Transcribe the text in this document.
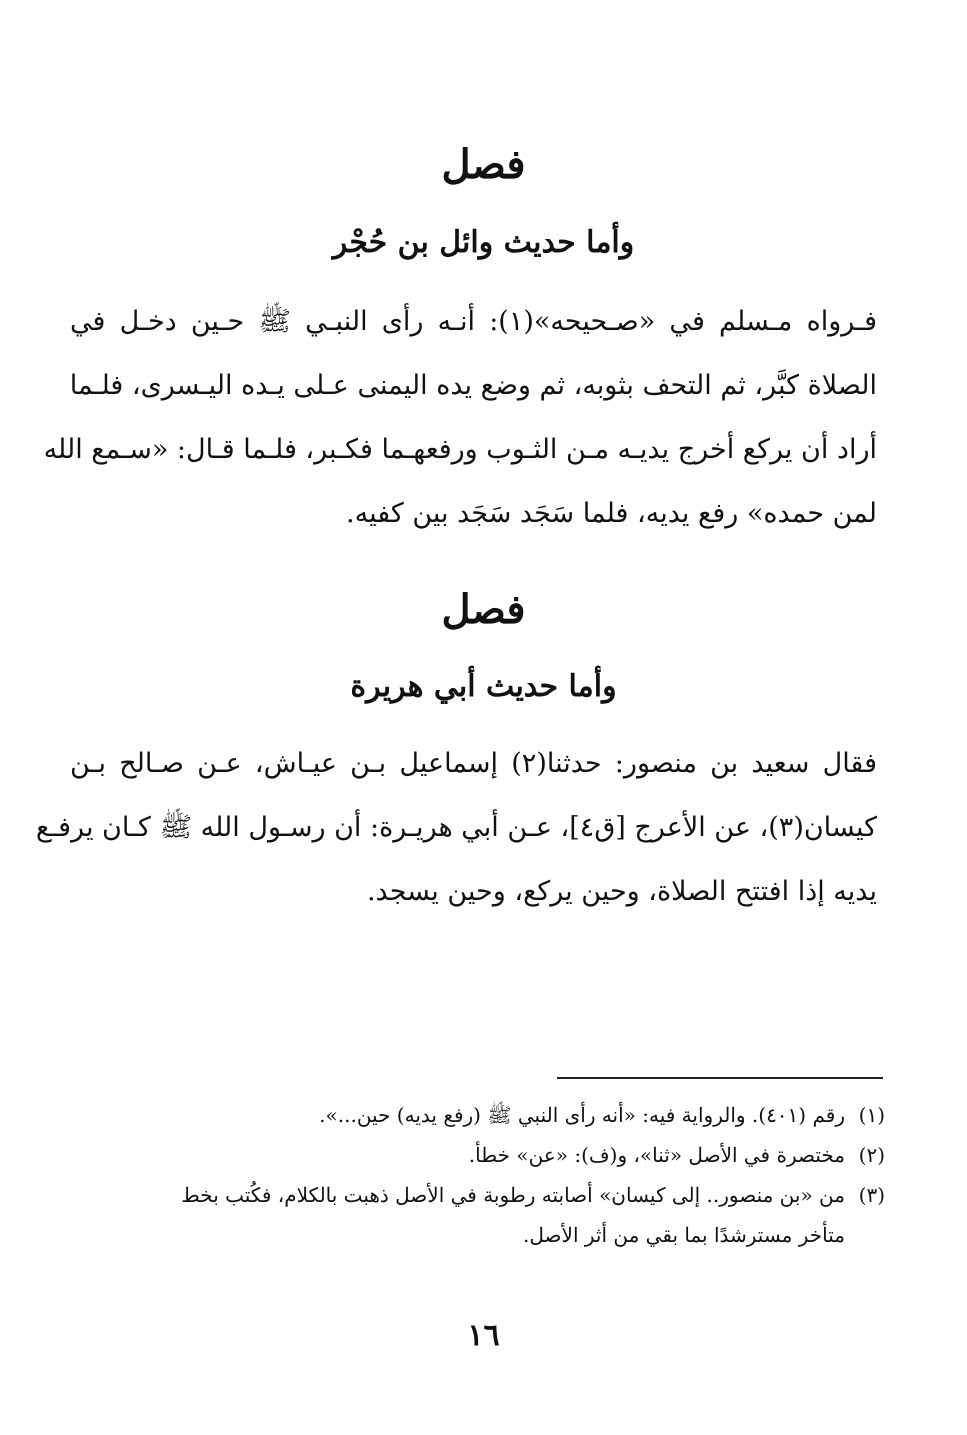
فصل
وأما حديث وائل بن حُجْر
فـرواه مـسلم في «صـحيحه»(١): أنـه رأى النبـي ﷺ حـين دخـل في
الصلاة كبَّر، ثم التحف بثوبه، ثم وضع يده اليمنى عـلى يـده اليـسرى، فلـما
أراد أن يركع أخرج يديـه مـن الثـوب ورفعهـما فكـبر، فلـما قـال: «سـمع الله
لمن حمده» رفع يديه، فلما سَجَد سَجَد بين كفيه.
فصل
وأما حديث أبي هريرة
فقال سعيد بن منصور: حدثنا(٢) إسماعيل بـن عيـاش، عـن صـالح بـن
كيسان(٣)، عن الأعرج [ق٤]، عـن أبي هريـرة: أن رسـول الله ﷺ كـان يرفـع
يديه إذا افتتح الصلاة، وحين يركع، وحين يسجد.
(١)
رقم (٤٠١). والرواية فيه: «أنه رأى النبي ﷺ (رفع يديه) حين...».
(٢)
مختصرة في الأصل «ثنا»، و(ف): «عن» خطأ.
(٣)
من «بن منصور.. إلى كيسان» أصابته رطوبة في الأصل ذهبت بالكلام، فكُتب بخط
متأخر مسترشدًا بما بقي من أثر الأصل.
١٦
